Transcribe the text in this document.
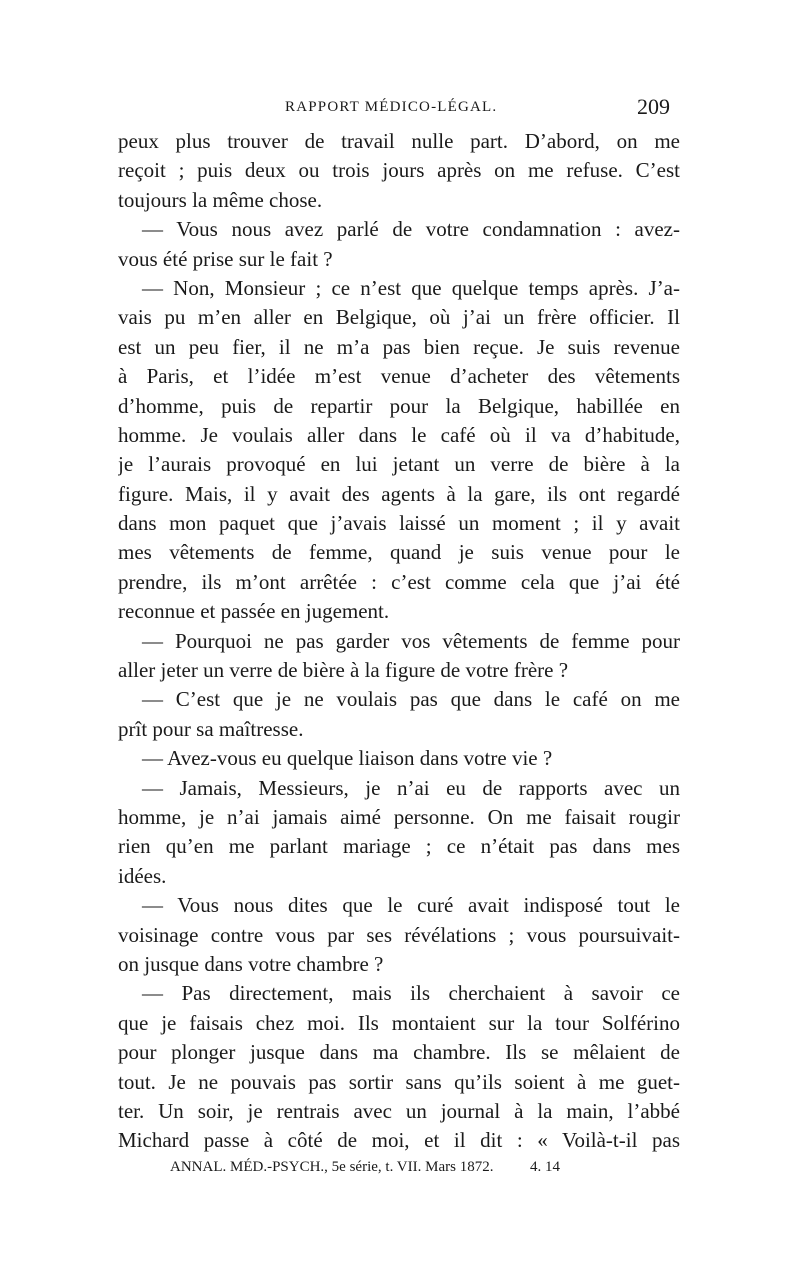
RAPPORT MÉDICO-LÉGAL.	209
peux plus trouver de travail nulle part. D’abord, on me
reçoit ; puis deux ou trois jours après on me refuse. C’est
toujours la même chose.
— Vous nous avez parlé de votre condamnation : avez-
vous été prise sur le fait ?
— Non, Monsieur ; ce n’est que quelque temps après. J’a-
vais pu m’en aller en Belgique, où j’ai un frère officier. Il
est un peu fier, il ne m’a pas bien reçue. Je suis revenue
à Paris, et l’idée m’est venue d’acheter des vêtements
d’homme, puis de repartir pour la Belgique, habillée en
homme. Je voulais aller dans le café où il va d’habitude,
je l’aurais provoqué en lui jetant un verre de bière à la
figure. Mais, il y avait des agents à la gare, ils ont regardé
dans mon paquet que j’avais laissé un moment ; il y avait
mes vêtements de femme, quand je suis venue pour le
prendre, ils m’ont arrêtée : c’est comme cela que j’ai été
reconnue et passée en jugement.
— Pourquoi ne pas garder vos vêtements de femme pour
aller jeter un verre de bière à la figure de votre frère ?
— C’est que je ne voulais pas que dans le café on me
prît pour sa maîtresse.
— Avez-vous eu quelque liaison dans votre vie ?
— Jamais, Messieurs, je n’ai eu de rapports avec un
homme, je n’ai jamais aimé personne. On me faisait rougir
rien qu’en me parlant mariage ; ce n’était pas dans mes
idées.
— Vous nous dites que le curé avait indisposé tout le
voisinage contre vous par ses révélations ; vous poursuivait-
on jusque dans votre chambre ?
— Pas directement, mais ils cherchaient à savoir ce
que je faisais chez moi. Ils montaient sur la tour Solférino
pour plonger jusque dans ma chambre. Ils se mêlaient de
tout. Je ne pouvais pas sortir sans qu’ils soient à me guet-
ter. Un soir, je rentrais avec un journal à la main, l’abbé
Michard passe à côté de moi, et il dit : « Voilà-t-il pas
ANNAL. MÉD.-PSYCH., 5e série, t. VII. Mars 1872. 4. 14
